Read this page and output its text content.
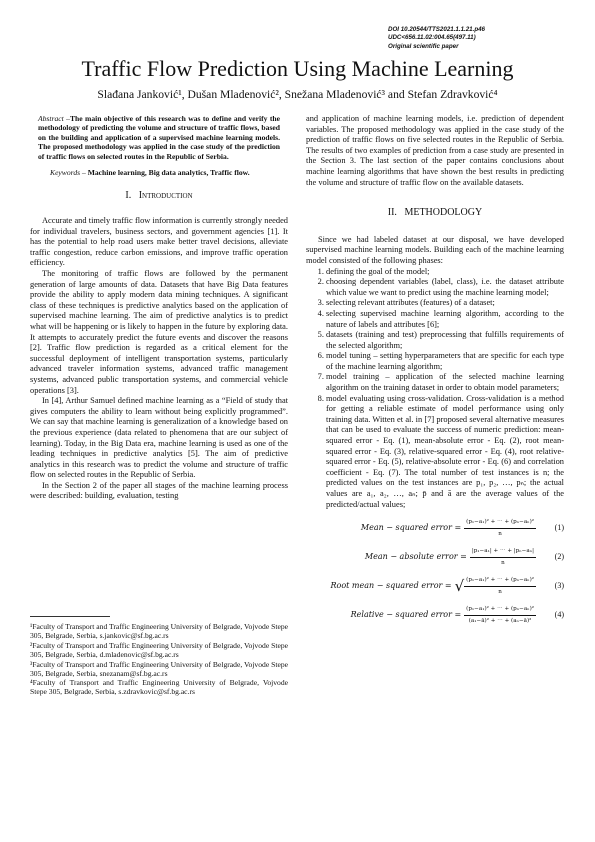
DOI 10.20544/TTS2021.1.1.21.p46
UDC<656.11.02:004.65(497.11)
Original scientific paper
Traffic Flow Prediction Using Machine Learning
Slađana Janković¹, Dušan Mladenović², Snežana Mladenović³ and Stefan Zdravković⁴
Abstract –The main objective of this research was to define and verify the methodology of predicting the volume and structure of traffic flows, based on the building and application of a supervised machine learning models. The proposed methodology was applied in the case study of the prediction of traffic flows on selected routes in the Republic of Serbia.
Keywords – Machine learning, Big data analytics, Traffic flow.
I. Introduction

Accurate and timely traffic flow information is currently strongly needed for individual travelers, business sectors, and government agencies [1]. It has the potential to help road users make better travel decisions, alleviate traffic congestion, reduce carbon emissions, and improve traffic operation efficiency.

The monitoring of traffic flows are followed by the permanent generation of large amounts of data. Datasets that have Big Data features provide the ability to apply modern data mining techniques. A significant class of these techniques is predictive analytics based on the application of supervised machine learning. The aim of predictive analytics is to predict what will be happening or is likely to happen in the future by exploring data. It attempts to accurately predict the future events and discover the reasons [2]. Traffic flow prediction is regarded as a critical element for the successful deployment of intelligent transportation systems, particularly advanced traveler information systems, advanced traffic management systems, advanced public transportation systems, and commercial vehicle operations [3].

In [4], Arthur Samuel defined machine learning as a “Field of study that gives computers the ability to learn without being explicitly programmed”. We can say that machine learning is generalization of a knowledge based on the previous experience (data related to phenomena that are our subject of learning). Today, in the Big Data era, machine learning is used as one of the leading techniques in predictive analytics [5]. The aim of predictive analytics in this research was to predict the volume and structure of traffic flow on selected routes in the Republic of Serbia.

In the Section 2 of the paper all stages of the machine learning process were described: building, evaluation, testing

¹Faculty of Transport and Traffic Engineering University of Belgrade, Vojvode Stepe 305, Belgrade, Serbia, s.jankovic@sf.bg.ac.rs
²Faculty of Transport and Traffic Engineering University of Belgrade, Vojvode Stepe 305, Belgrade, Serbia, d.mladenovic@sf.bg.ac.rs
³Faculty of Transport and Traffic Engineering University of Belgrade, Vojvode Stepe 305, Belgrade, Serbia, snezanam@sf.bg.ac.rs
⁴Faculty of Transport and Traffic Engineering University of Belgrade, Vojvode Stepe 305, Belgrade, Serbia, s.zdravkovic@sf.bg.ac.rs
and application of machine learning models, i.e. prediction of dependent variables. The proposed methodology was applied in the case study of the prediction of traffic flows on five selected routes in the Republic of Serbia. The results of two examples of prediction from a case study are presented in the Section 3. The last section of the paper contains conclusions about machine learning algorithms that have shown the best results in predicting the volume and structure of traffic flow on the available datasets.
II. METHODOLOGY

Since we had labeled dataset at our disposal, we have developed supervised machine learning models. Building each of the machine learning model consisted of the following phases:

1. defining the goal of the model;
2. choosing dependent variables (label, class), i.e. the dataset attribute which value we want to predict using the machine learning model;
3. selecting relevant attributes (features) of a dataset;
4. selecting supervised machine learning algorithm, according to the nature of labels and attributes [6];
5. datasets (training and test) preprocessing that fulfills requirements of the selected algorithm;
6. model tuning – setting hyperparameters that are specific for each type of the machine learning algorithm;
7. model training – application of the selected machine learning algorithm on the training dataset in order to obtain model parameters;
8. model evaluating using cross-validation. Cross-validation is a method for getting a reliable estimate of model performance using only training data. Witten et al. in [7] proposed several alternative measures that can be used to evaluate the success of numeric prediction: mean-squared error - Eq. (1), mean-absolute error - Eq. (2), root mean-squared error - Eq. (3), relative-squared error - Eq. (4), root relative-squared error - Eq. (5), relative-absolute error - Eq. (6) and correlation coefficient - Eq. (7). The total number of test instances is n; the predicted values on the test instances are p₁, p₂, …, pₙ; the actual values are a₁, a₂, …, aₙ; p̄ and ā are the average values of the predicted/actual values;
Mean − squared error = $\frac{\text{(p₁−a₁)² + ⋯ + (pₙ−aₙ)²}}{n}$	(1)
Mean − absolute error = $\frac{\text{|p₁−a₁| + ⋯ + |pₙ−aₙ|}}{n}$	(2)
Root mean − squared error = √ $\frac{\text{(p₁−a₁)² + ⋯ + (pₙ−aₙ)²}}{n}$	(3)
Relative − squared error = $\frac{\text{(p₁−a₁)² + ⋯ + (pₙ−aₙ)²}}{\text{(a₁−ā)² + ⋯ + (aₙ−ā)²}}$	(4)
